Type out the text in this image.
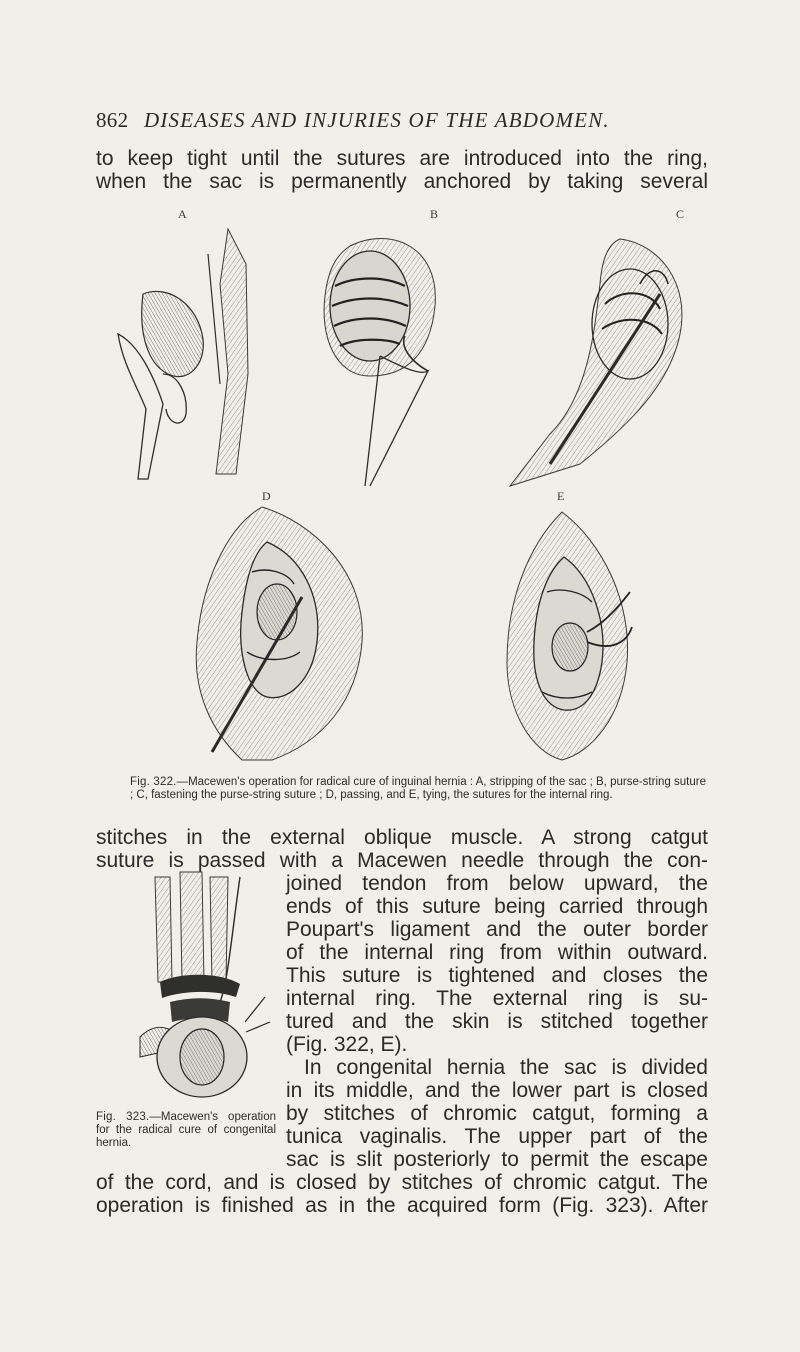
862 DISEASES AND INJURIES OF THE ABDOMEN.

to keep tight until the sutures are introduced into the ring,

when the sac is permanently anchored by taking several

A	B	C
D	E

Fig. 322.—Macewen's operation for radical cure of inguinal hernia : A, stripping of the sac ; B, purse-string suture ; C, fastening the purse-string suture ; D, passing, and E, tying, the sutures for the internal ring.

stitches in the external oblique muscle. A strong catgut

suture is passed with a Macewen needle through the con-

Fig. 323.—Macewen's operation for the radical cure of congenital hernia.

joined tendon from below upward, the

ends of this suture being carried through

Poupart's ligament and the outer border

of the internal ring from within outward.

This suture is tightened and closes the

internal ring. The external ring is su-

tured and the skin is stitched together

(Fig. 322, E).

In congenital hernia the sac is divided

in its middle, and the lower part is closed

by stitches of chromic catgut, forming a

tunica vaginalis. The upper part of the

sac is slit posteriorly to permit the escape

of the cord, and is closed by stitches of chromic catgut. The

operation is finished as in the acquired form (Fig. 323). After
